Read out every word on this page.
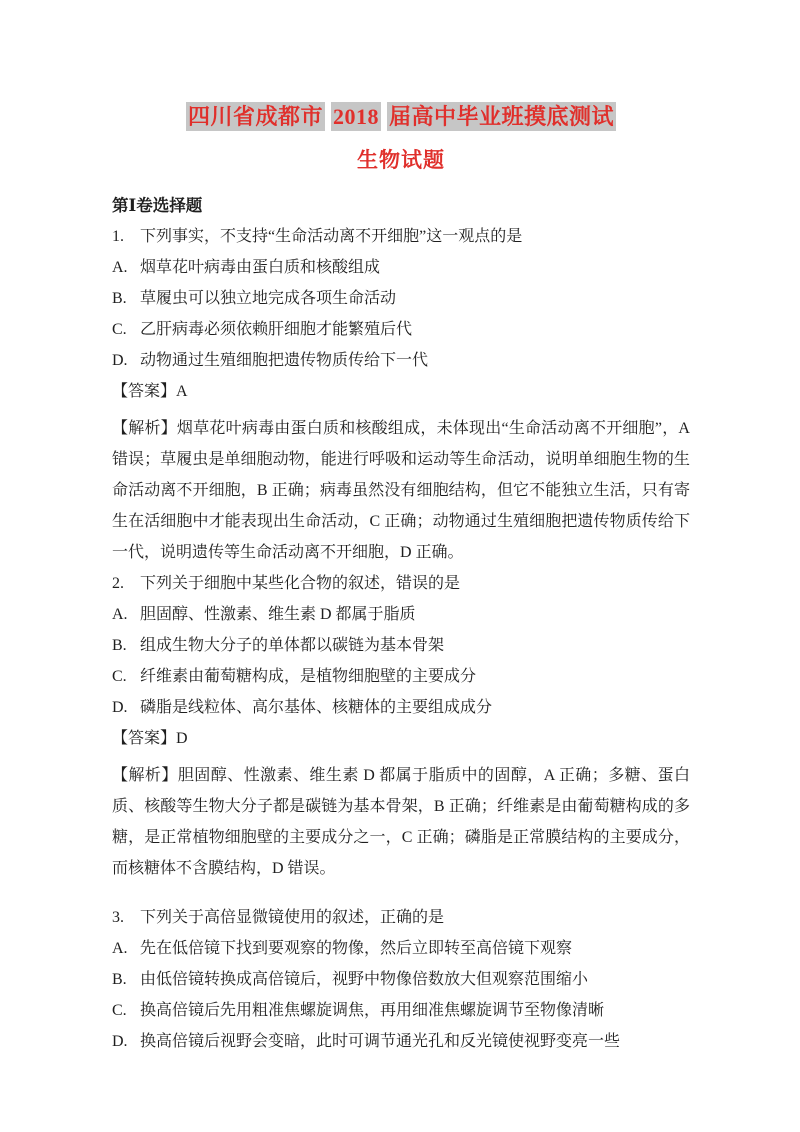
四川省成都市 2018 届高中毕业班摸底测试
生物试题
第Ⅰ卷选择题
1. 下列事实，不支持“生命活动离不开细胞”这一观点的是
A. 烟草花叶病毒由蛋白质和核酸组成
B. 草履虫可以独立地完成各项生命活动
C. 乙肝病毒必须依赖肝细胞才能繁殖后代
D. 动物通过生殖细胞把遗传物质传给下一代
【答案】A

【解析】烟草花叶病毒由蛋白质和核酸组成，未体现出“生命活动离不开细胞”，A 错误；草履虫是单细胞动物，能进行呼吸和运动等生命活动，说明单细胞生物的生命活动离不开细胞，B 正确；病毒虽然没有细胞结构，但它不能独立生活，只有寄生在活细胞中才能表现出生命活动，C 正确；动物通过生殖细胞把遗传物质传给下一代，说明遗传等生命活动离不开细胞，D 正确。

2. 下列关于细胞中某些化合物的叙述，错误的是
A. 胆固醇、性激素、维生素 D 都属于脂质
B. 组成生物大分子的单体都以碳链为基本骨架
C. 纤维素由葡萄糖构成，是植物细胞壁的主要成分
D. 磷脂是线粒体、高尔基体、核糖体的主要组成成分
【答案】D

【解析】胆固醇、性激素、维生素 D 都属于脂质中的固醇，A 正确；多糖、蛋白质、核酸等生物大分子都是碳链为基本骨架，B 正确；纤维素是由葡萄糖构成的多糖，是正常植物细胞壁的主要成分之一，C 正确；磷脂是正常膜结构的主要成分，而核糖体不含膜结构，D 错误。

3. 下列关于高倍显微镜使用的叙述，正确的是
A. 先在低倍镜下找到要观察的物像，然后立即转至高倍镜下观察
B. 由低倍镜转换成高倍镜后，视野中物像倍数放大但观察范围缩小
C. 换高倍镜后先用粗准焦螺旋调焦，再用细准焦螺旋调节至物像清晰
D. 换高倍镜后视野会变暗，此时可调节通光孔和反光镜使视野变亮一些
